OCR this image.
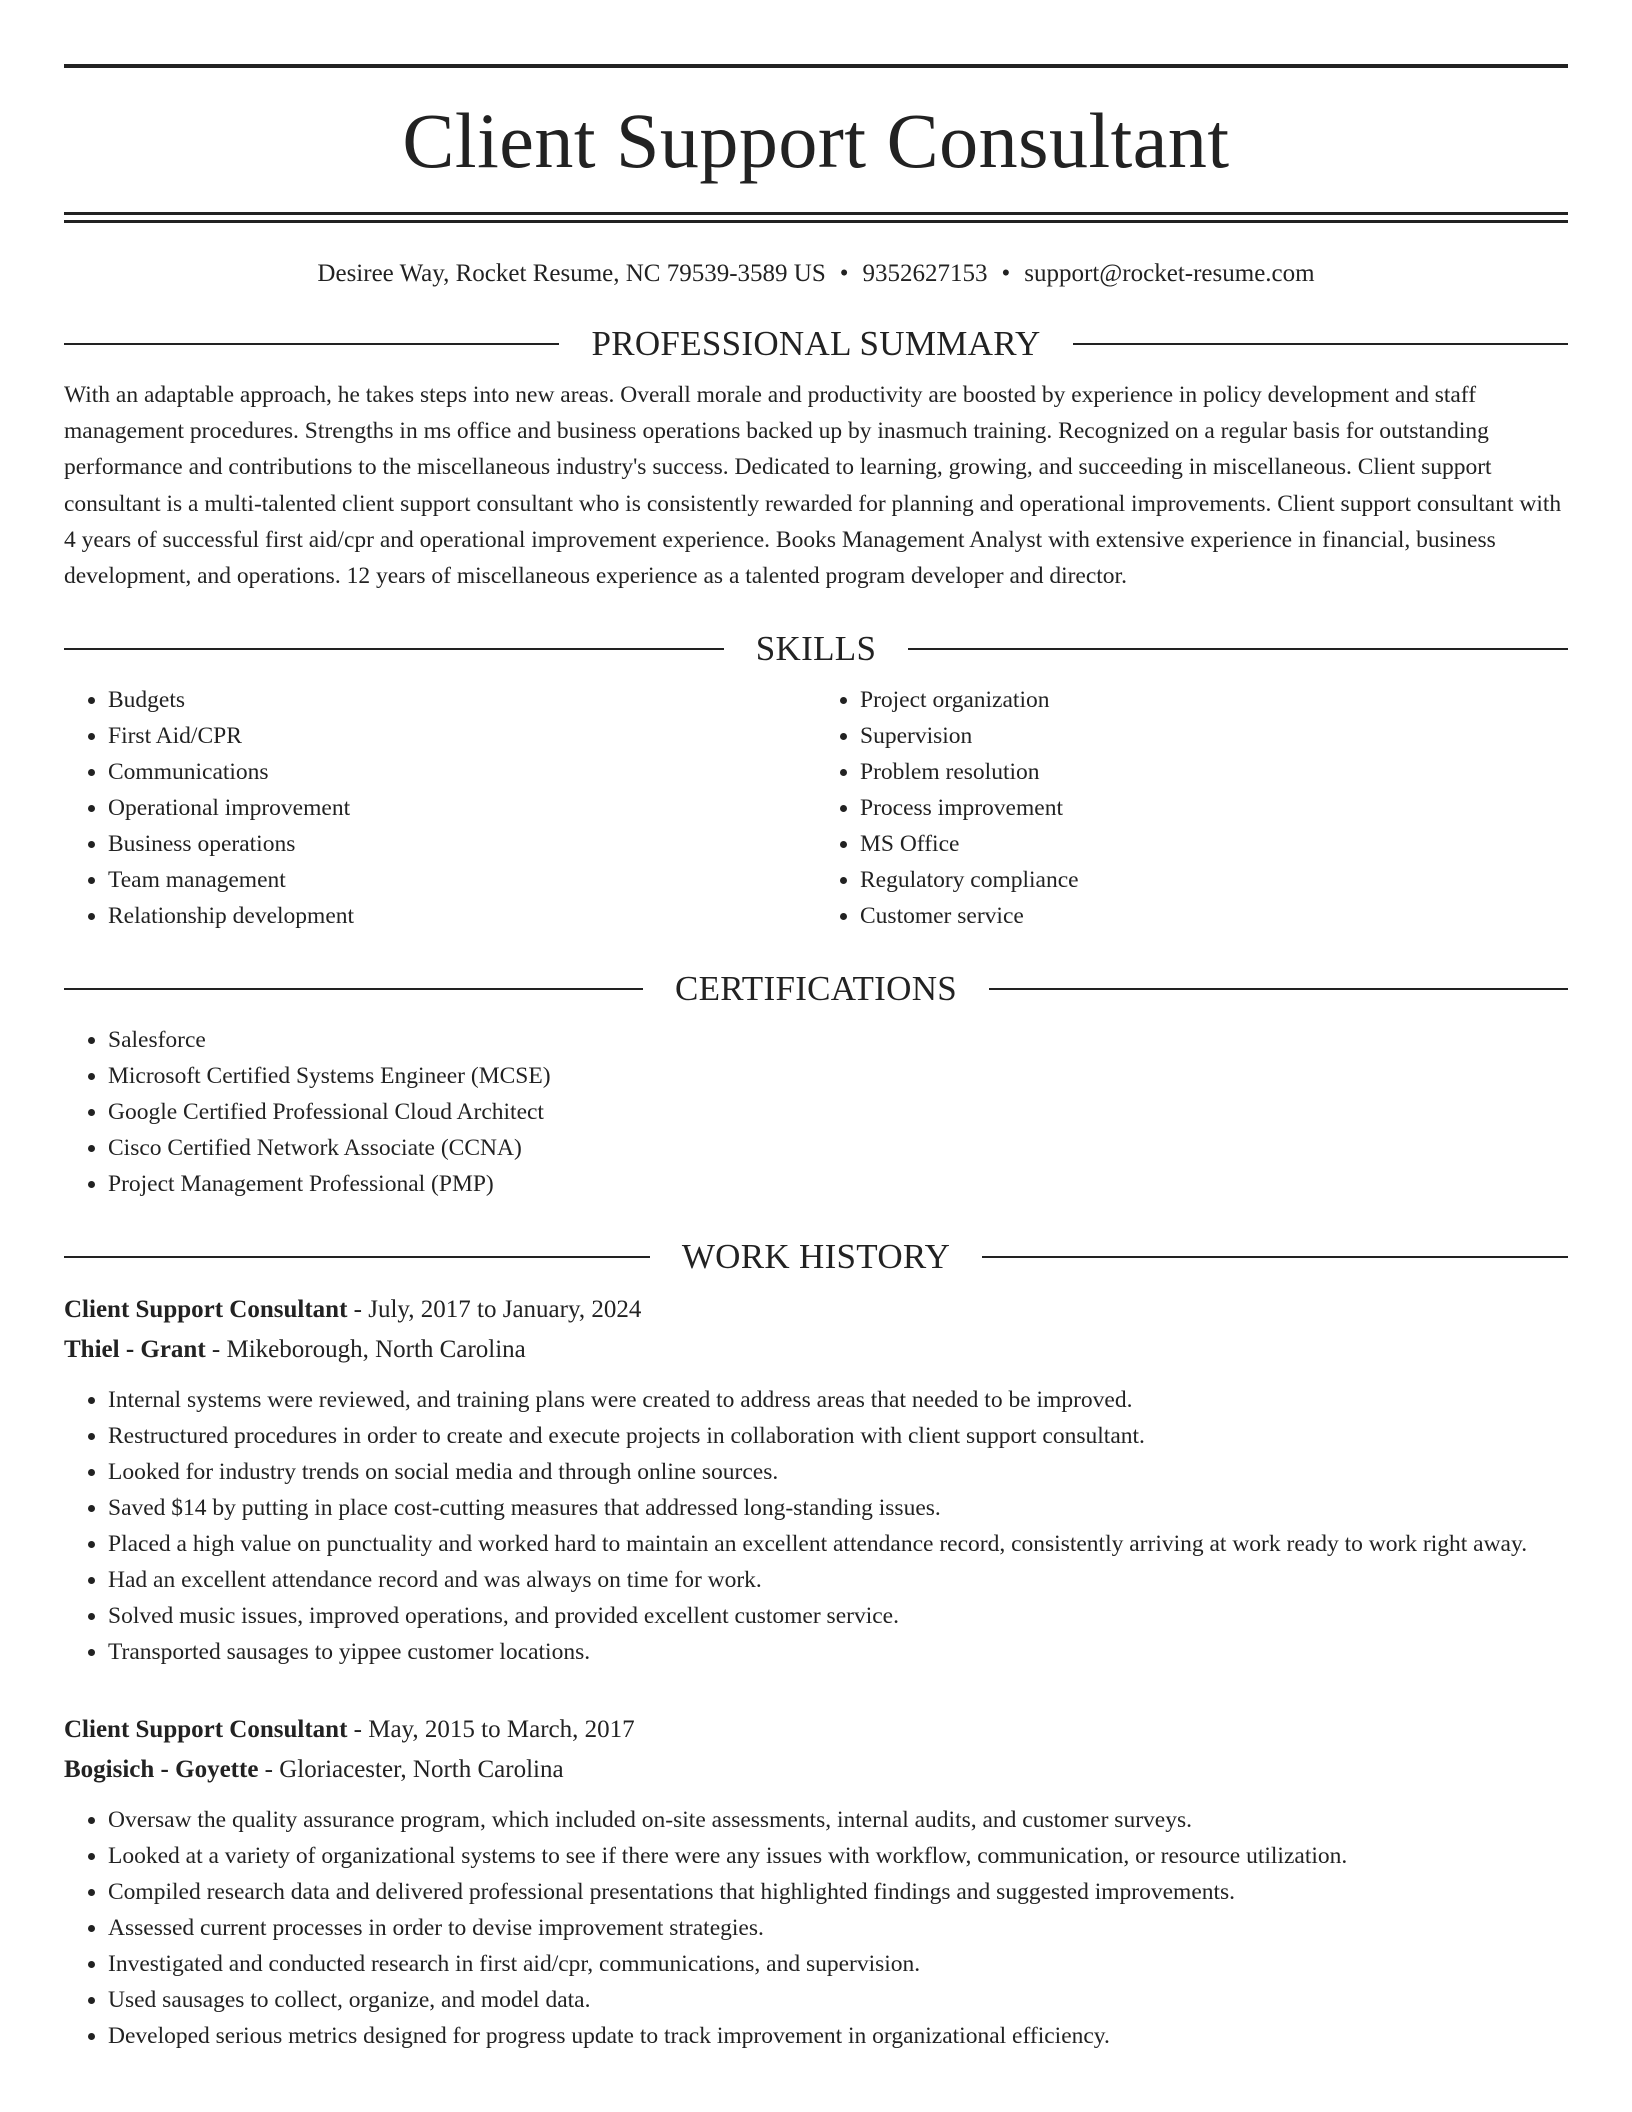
Client Support Consultant
Desiree Way, Rocket Resume, NC 79539-3589 US • 9352627153 • support@rocket-resume.com
PROFESSIONAL SUMMARY

With an adaptable approach, he takes steps into new areas. Overall morale and productivity are boosted by experience in policy development and staff management procedures. Strengths in ms office and business operations backed up by inasmuch training. Recognized on a regular basis for outstanding performance and contributions to the miscellaneous industry's success. Dedicated to learning, growing, and succeeding in miscellaneous. Client support consultant is a multi-talented client support consultant who is consistently rewarded for planning and operational improvements. Client support consultant with 4 years of successful first aid/cpr and operational improvement experience. Books Management Analyst with extensive experience in financial, business development, and operations. 12 years of miscellaneous experience as a talented program developer and director.

SKILLS
• Budgets
• First Aid/CPR
• Communications
• Operational improvement
• Business operations
• Team management
• Relationship development
• Project organization
• Supervision
• Problem resolution
• Process improvement
• MS Office
• Regulatory compliance
• Customer service
CERTIFICATIONS
• Salesforce
• Microsoft Certified Systems Engineer (MCSE)
• Google Certified Professional Cloud Architect
• Cisco Certified Network Associate (CCNA)
• Project Management Professional (PMP)
WORK HISTORY
Client Support Consultant - July, 2017 to January, 2024
Thiel - Grant - Mikeborough, North Carolina
• Internal systems were reviewed, and training plans were created to address areas that needed to be improved.
• Restructured procedures in order to create and execute projects in collaboration with client support consultant.
• Looked for industry trends on social media and through online sources.
• Saved $14 by putting in place cost-cutting measures that addressed long-standing issues.
• Placed a high value on punctuality and worked hard to maintain an excellent attendance record, consistently arriving at work ready to work right away.
• Had an excellent attendance record and was always on time for work.
• Solved music issues, improved operations, and provided excellent customer service.
• Transported sausages to yippee customer locations.
Client Support Consultant - May, 2015 to March, 2017
Bogisich - Goyette - Gloriacester, North Carolina
• Oversaw the quality assurance program, which included on-site assessments, internal audits, and customer surveys.
• Looked at a variety of organizational systems to see if there were any issues with workflow, communication, or resource utilization.
• Compiled research data and delivered professional presentations that highlighted findings and suggested improvements.
• Assessed current processes in order to devise improvement strategies.
• Investigated and conducted research in first aid/cpr, communications, and supervision.
• Used sausages to collect, organize, and model data.
• Developed serious metrics designed for progress update to track improvement in organizational efficiency.
